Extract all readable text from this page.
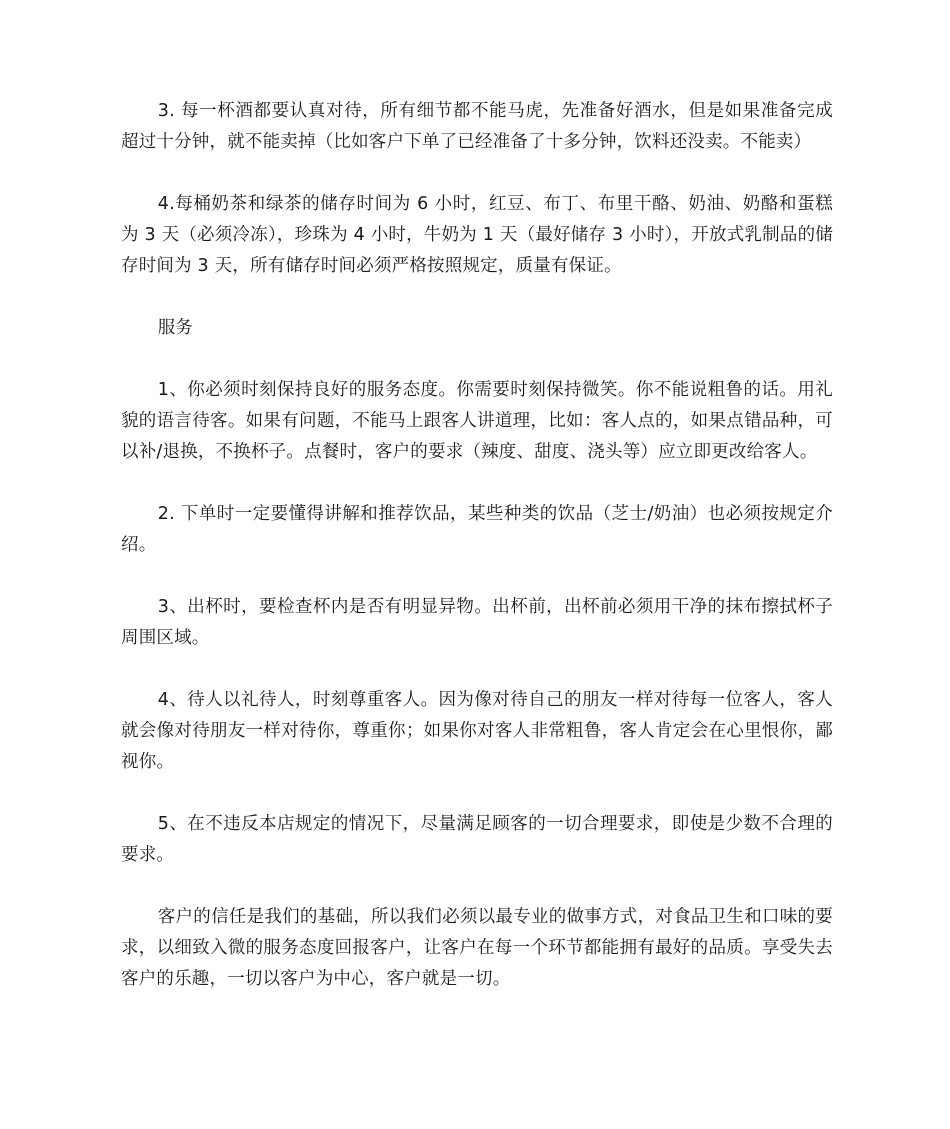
3. 每一杯酒都要认真对待，所有细节都不能马虎，先准备好酒水，但是如果准备完成超过十分钟，就不能卖掉（比如客户下单了已经准备了十多分钟，饮料还没卖。不能卖）

4.每桶奶茶和绿茶的储存时间为 6 小时，红豆、布丁、布里干酪、奶油、奶酪和蛋糕为 3 天（必须冷冻），珍珠为 4 小时，牛奶为 1 天（最好储存 3 小时），开放式乳制品的储存时间为 3 天，所有储存时间必须严格按照规定，质量有保证。

服务

1、你必须时刻保持良好的服务态度。你需要时刻保持微笑。你不能说粗鲁的话。用礼貌的语言待客。如果有问题，不能马上跟客人讲道理，比如：客人点的，如果点错品种，可以补/退换，不换杯子。点餐时，客户的要求（辣度、甜度、浇头等）应立即更改给客人。

2. 下单时一定要懂得讲解和推荐饮品，某些种类的饮品（芝士/奶油）也必须按规定介绍。

3、出杯时，要检查杯内是否有明显异物。出杯前，出杯前必须用干净的抹布擦拭杯子周围区域。

4、待人以礼待人，时刻尊重客人。因为像对待自己的朋友一样对待每一位客人，客人就会像对待朋友一样对待你，尊重你；如果你对客人非常粗鲁，客人肯定会在心里恨你，鄙视你。

5、在不违反本店规定的情况下，尽量满足顾客的一切合理要求，即使是少数不合理的要求。

客户的信任是我们的基础，所以我们必须以最专业的做事方式，对食品卫生和口味的要求，以细致入微的服务态度回报客户，让客户在每一个环节都能拥有最好的品质。享受失去客户的乐趣，一切以客户为中心，客户就是一切。
